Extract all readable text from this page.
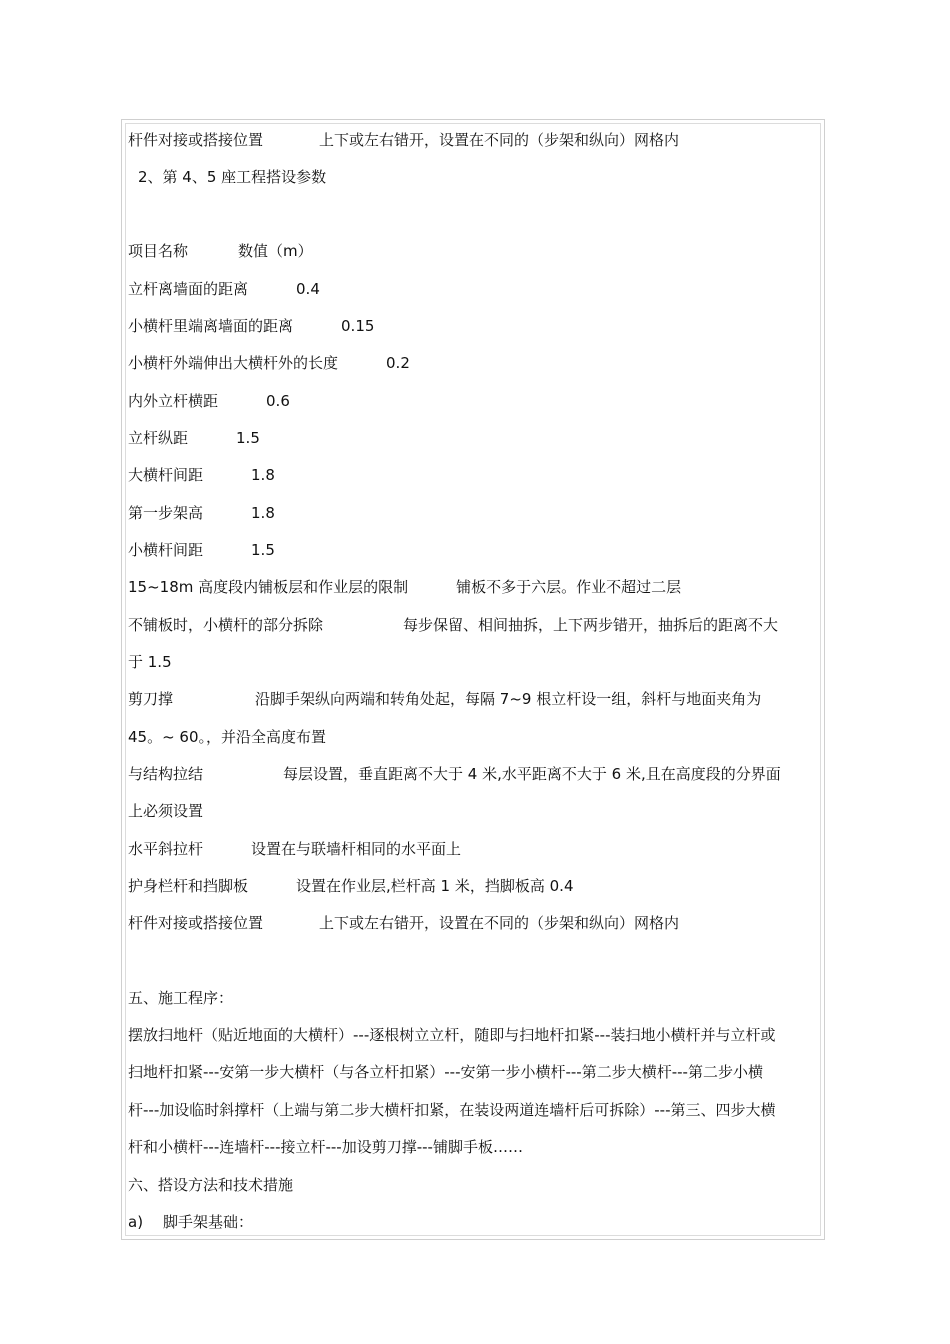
杆件对接或搭接位置	上下或左右错开，设置在不同的（步架和纵向）网格内
2、第 4、5 座工程搭设参数
项目名称	数值（m）
立杆离墙面的距离	0.4
小横杆里端离墙面的距离	0.15
小横杆外端伸出大横杆外的长度	0.2
内外立杆横距	0.6
立杆纵距	1.5
大横杆间距	1.8
第一步架高	1.8
小横杆间距	1.5
15~18m 高度段内铺板层和作业层的限制	铺板不多于六层。作业不超过二层
不铺板时，小横杆的部分拆除	每步保留、相间抽拆，上下两步错开，抽拆后的距离不大
于 1.5
剪刀撑	沿脚手架纵向两端和转角处起，每隔 7~9 根立杆设一组，斜杆与地面夹角为
45。~ 60。，并沿全高度布置
与结构拉结	每层设置，垂直距离不大于 4 米,水平距离不大于 6 米,且在高度段的分界面
上必须设置
水平斜拉杆	设置在与联墙杆相同的水平面上
护身栏杆和挡脚板	设置在作业层,栏杆高 1 米，挡脚板高 0.4
杆件对接或搭接位置	上下或左右错开，设置在不同的（步架和纵向）网格内
五、施工程序：
摆放扫地杆（贴近地面的大横杆）---逐根树立立杆，随即与扫地杆扣紧---装扫地小横杆并与立杆或
扫地杆扣紧---安第一步大横杆（与各立杆扣紧）---安第一步小横杆---第二步大横杆---第二步小横
杆---加设临时斜撑杆（上端与第二步大横杆扣紧，在装设两道连墙杆后可拆除）---第三、四步大横
杆和小横杆---连墙杆---接立杆---加设剪刀撑---铺脚手板……
六、搭设方法和技术措施
a) 脚手架基础：
